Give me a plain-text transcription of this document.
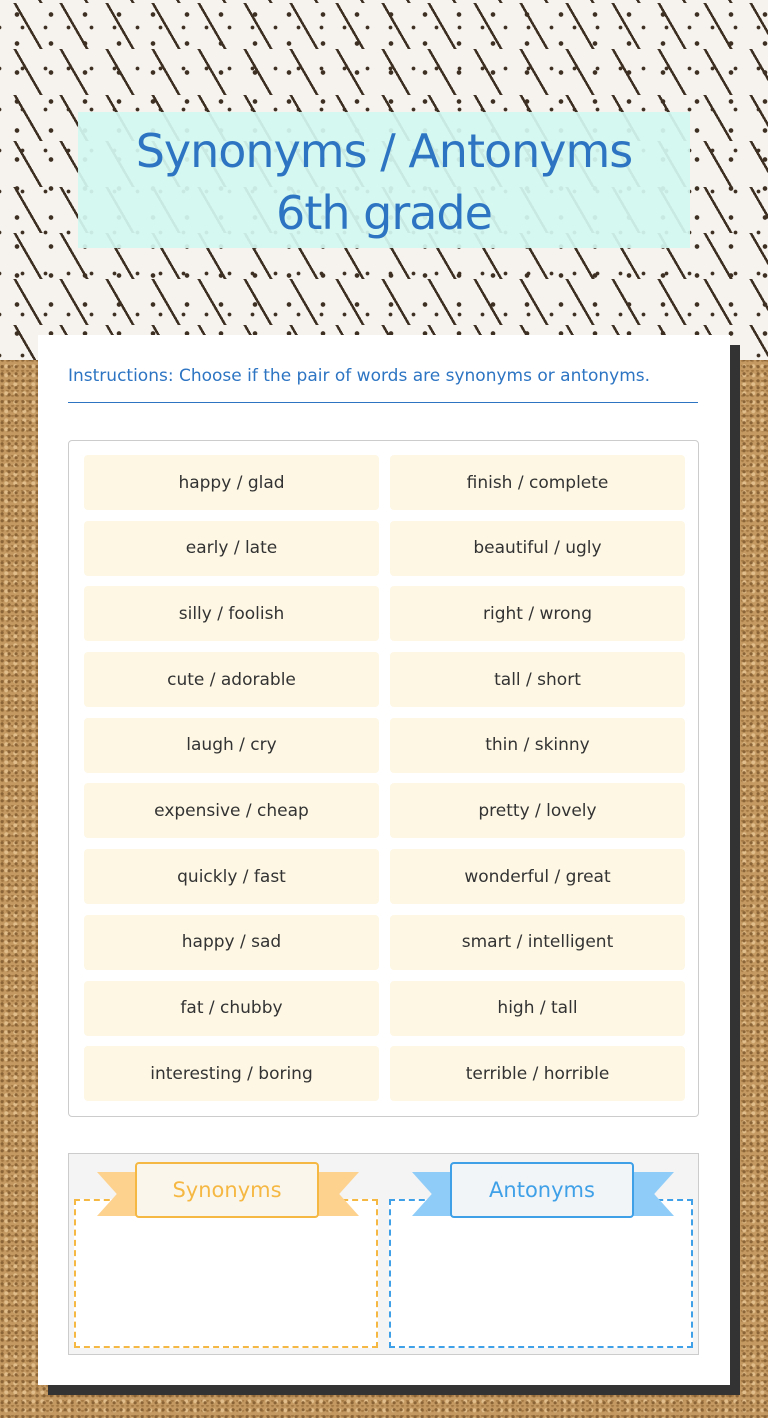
Synonyms / Antonyms
6th grade
Instructions: Choose if the pair of words are synonyms or antonyms.
happy / glad	finish / complete
early / late	beautiful / ugly
silly / foolish	right / wrong
cute / adorable	tall / short
laugh / cry	thin / skinny
expensive / cheap	pretty / lovely
quickly / fast	wonderful / great
happy / sad	smart / intelligent
fat / chubby	high / tall
interesting / boring	terrible / horrible
Synonyms	Antonyms
